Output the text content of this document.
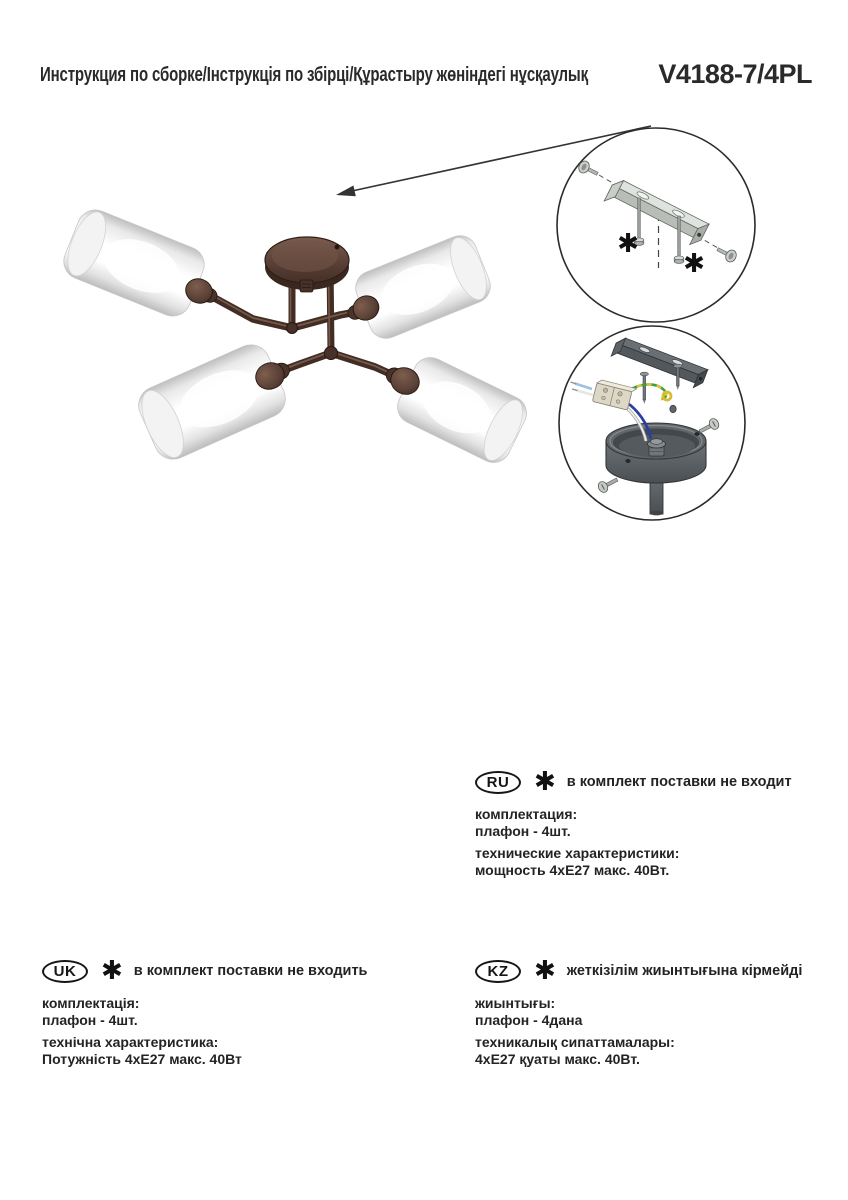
✱
✱
Инструкция по сборке/Інструкція по збірці/Құрастыру жөніндегі нұсқаулық	V4188-7/4PL
RU ✱ в комплект поставки не входит
комплектация:
плафон - 4шт.
технические характеристики:
мощность 4хЕ27 макс. 40Вт.
UK ✱ в комплект поставки не входить
комплектація:
плафон - 4шт.
технічна характеристика:
Потужність 4хЕ27 макс. 40Вт
KZ ✱ жеткізілім жиынтығына кірмейді
жиынтығы:
плафон - 4дана
техникалық сипаттамалары:
4хЕ27 қуаты макс. 40Вт.
